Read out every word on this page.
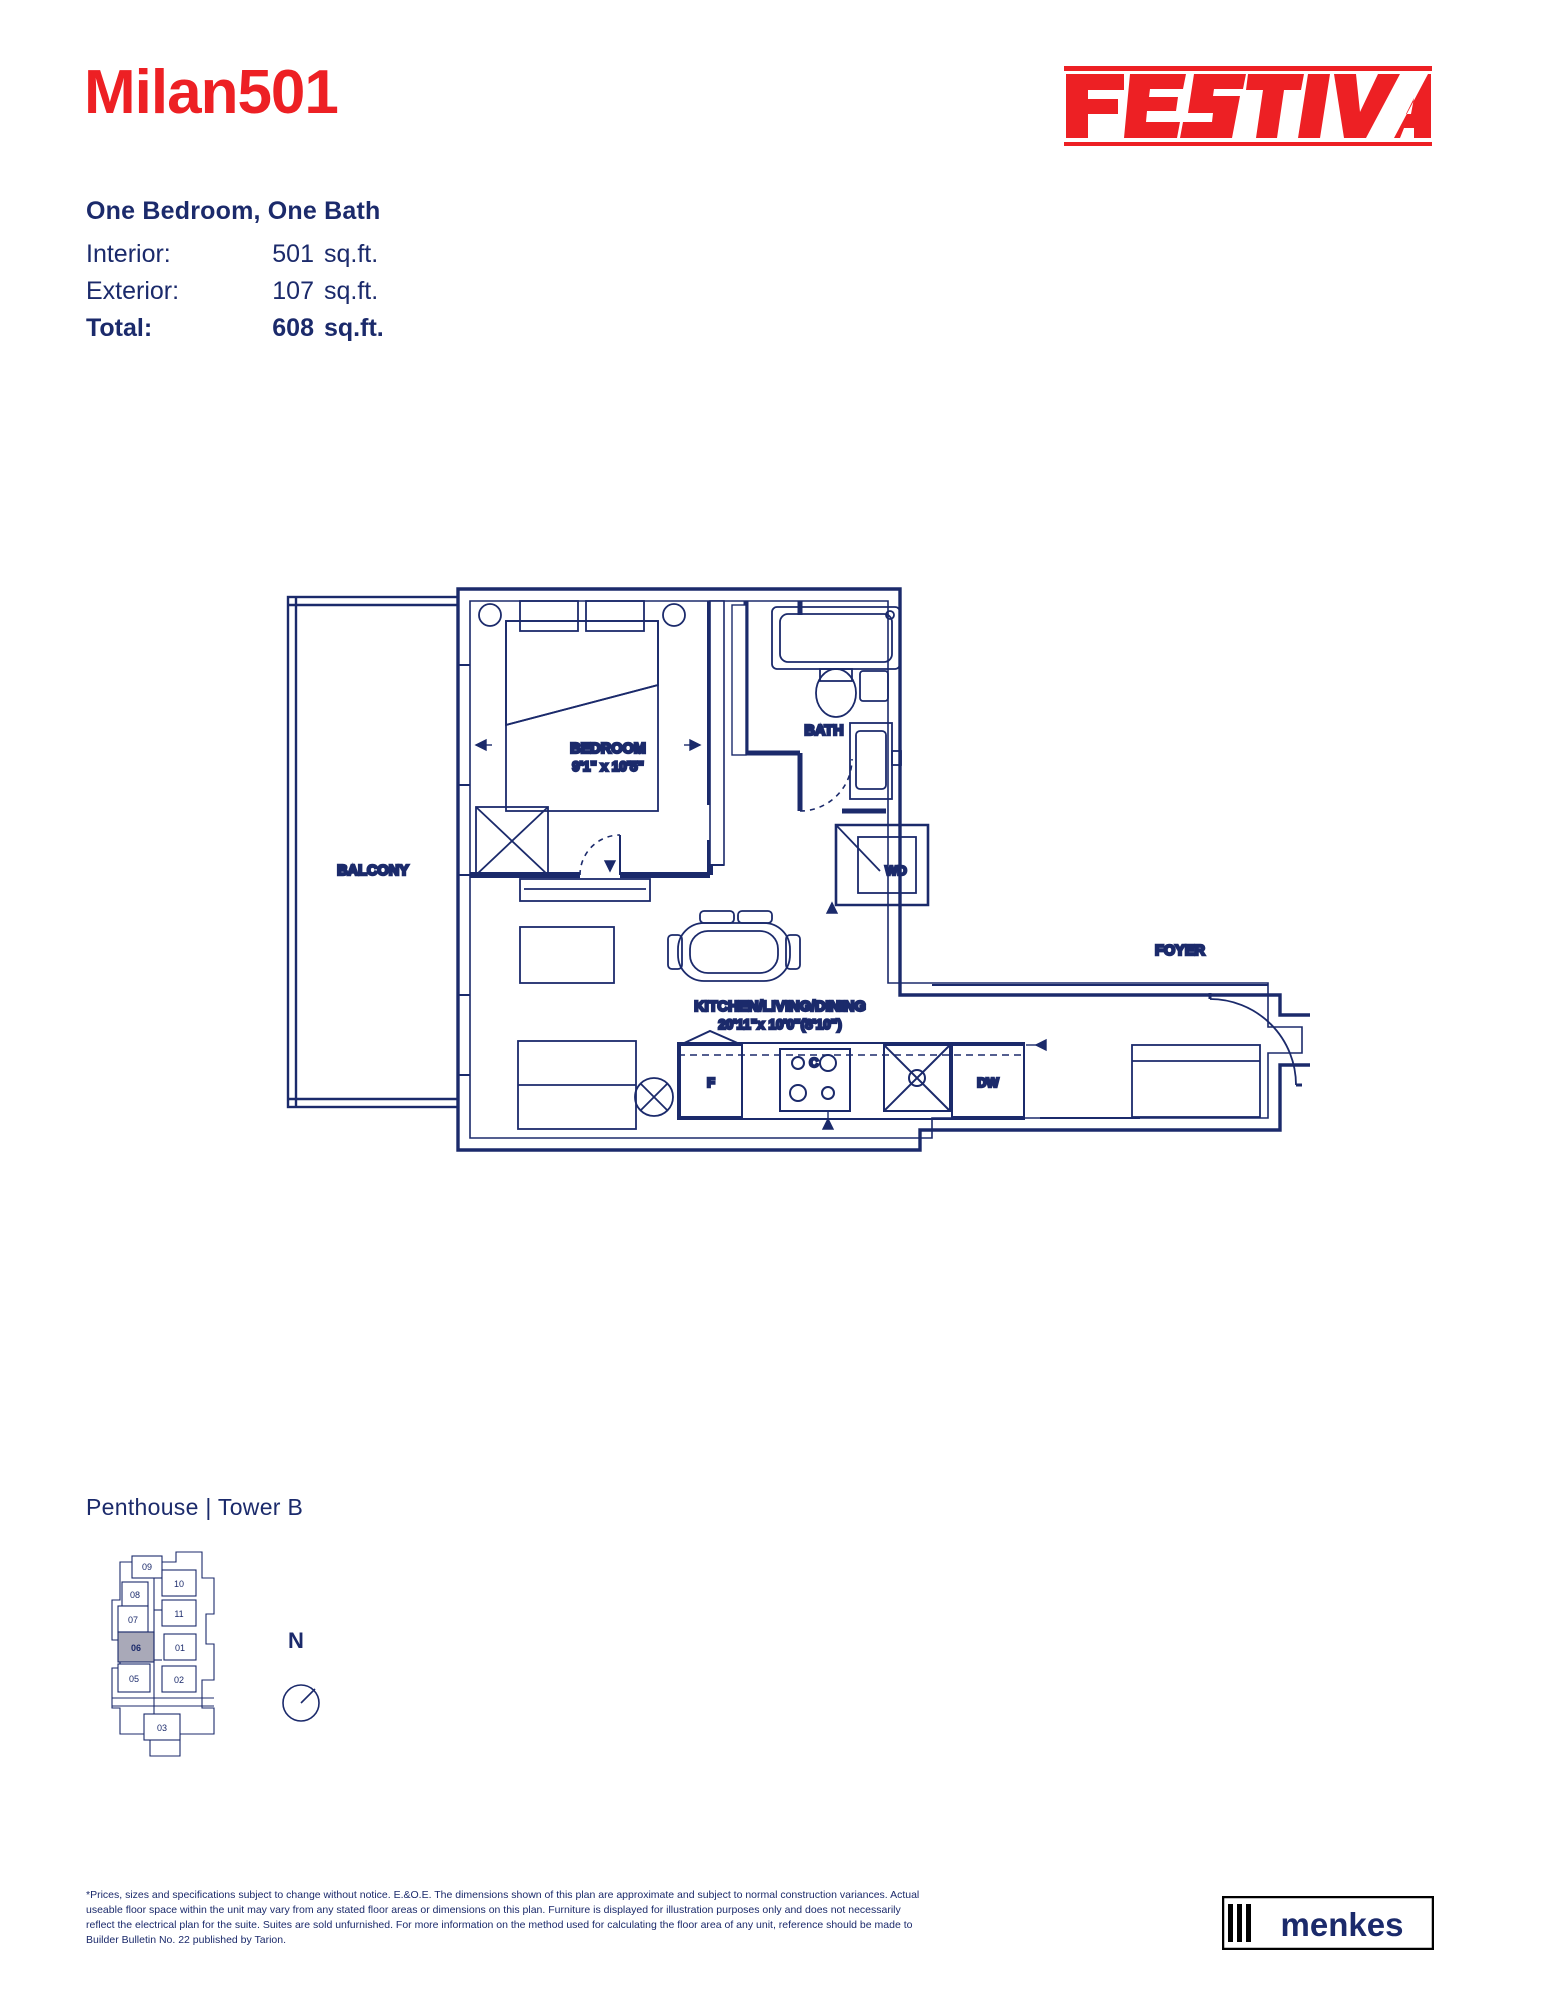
Milan501
One Bedroom, One Bath
Interior:	501 sq.ft.
Exterior:	107 sq.ft.
Total:	608 sq.ft.
BEDROOM
9'1" x 10'5"
BATH
WD
FOYER
F
C
DW
KITCHEN/LIVING/DINING
20'11"x 10'0"(8'10")
BALCONY
Penthouse | Tower B
09
10
08
07
11
06	01
05	02
03
N
*Prices, sizes and specifications subject to change without notice. E.&O.E. The dimensions shown of this plan are approximate and subject to normal construction variances. Actual useable floor space within the unit may vary from any stated floor areas or dimensions on this plan. Furniture is displayed for illustration purposes only and does not necessarily reflect the electrical plan for the suite. Suites are sold unfurnished. For more information on the method used for calculating the floor area of any unit, reference should be made to Builder Bulletin No. 22 published by Tarion.	menkes
